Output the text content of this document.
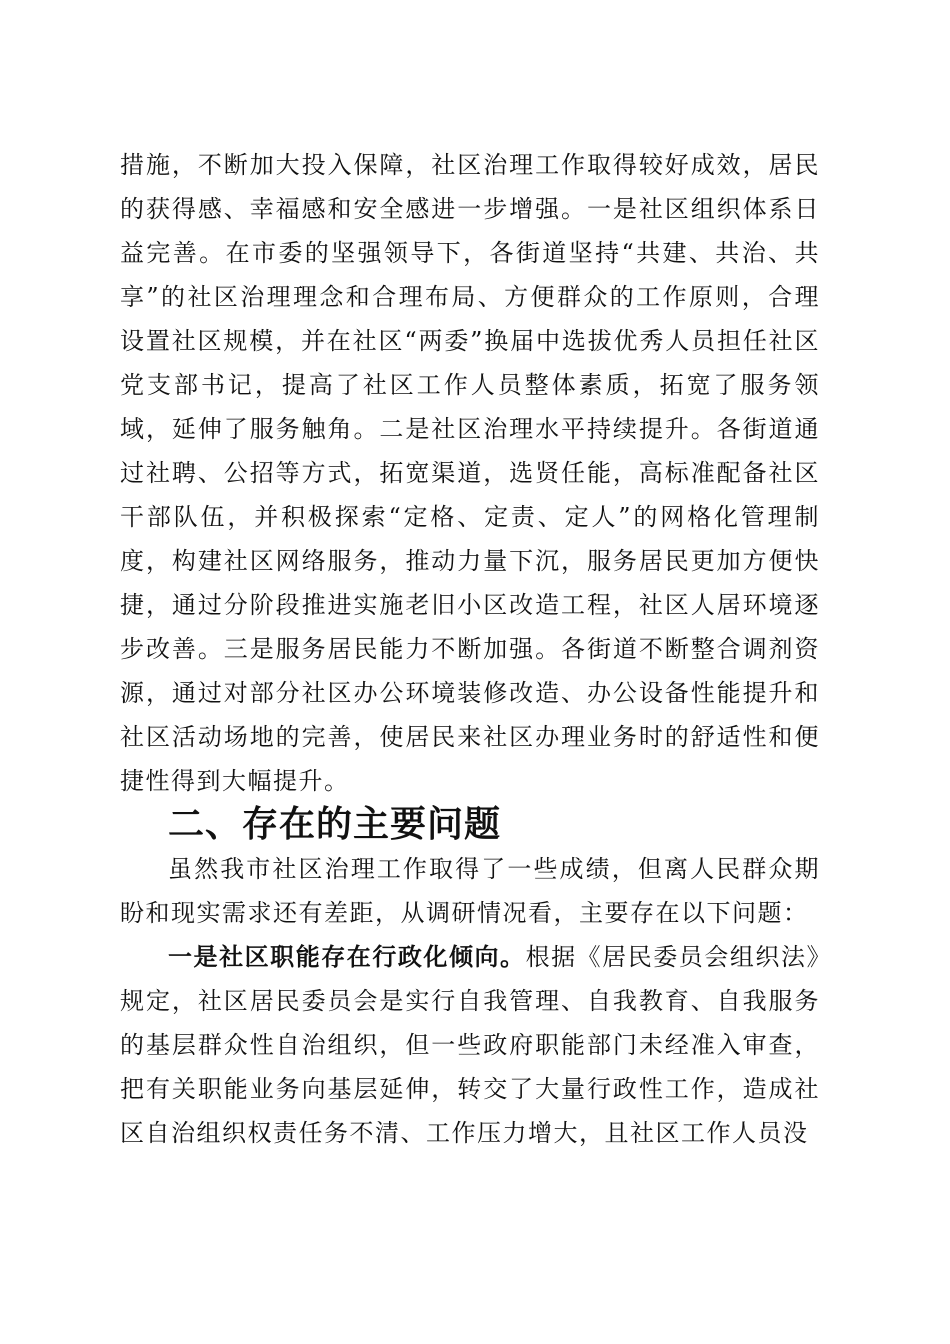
措施，不断加大投入保障，社区治理工作取得较好成效，居民的获得感、幸福感和安全感进一步增强。一是社区组织体系日益完善。在市委的坚强领导下，各街道坚持“共建、共治、共享”的社区治理理念和合理布局、方便群众的工作原则，合理设置社区规模，并在社区“两委”换届中选拔优秀人员担任社区党支部书记，提高了社区工作人员整体素质，拓宽了服务领域，延伸了服务触角。二是社区治理水平持续提升。各街道通过社聘、公招等方式，拓宽渠道，选贤任能，高标准配备社区干部队伍，并积极探索“定格、定责、定人”的网格化管理制度，构建社区网络服务，推动力量下沉，服务居民更加方便快捷，通过分阶段推进实施老旧小区改造工程，社区人居环境逐步改善。三是服务居民能力不断加强。各街道不断整合调剂资源，通过对部分社区办公环境装修改造、办公设备性能提升和社区活动场地的完善，使居民来社区办理业务时的舒适性和便捷性得到大幅提升。

二、存在的主要问题

虽然我市社区治理工作取得了一些成绩，但离人民群众期盼和现实需求还有差距，从调研情况看，主要存在以下问题：

一是社区职能存在行政化倾向。根据《居民委员会组织法》规定，社区居民委员会是实行自我管理、自我教育、自我服务的基层群众性自治组织，但一些政府职能部门未经准入审查，把有关职能业务向基层延伸，转交了大量行政性工作，造成社区自治组织权责任务不清、工作压力增大，且社区工作人员没
